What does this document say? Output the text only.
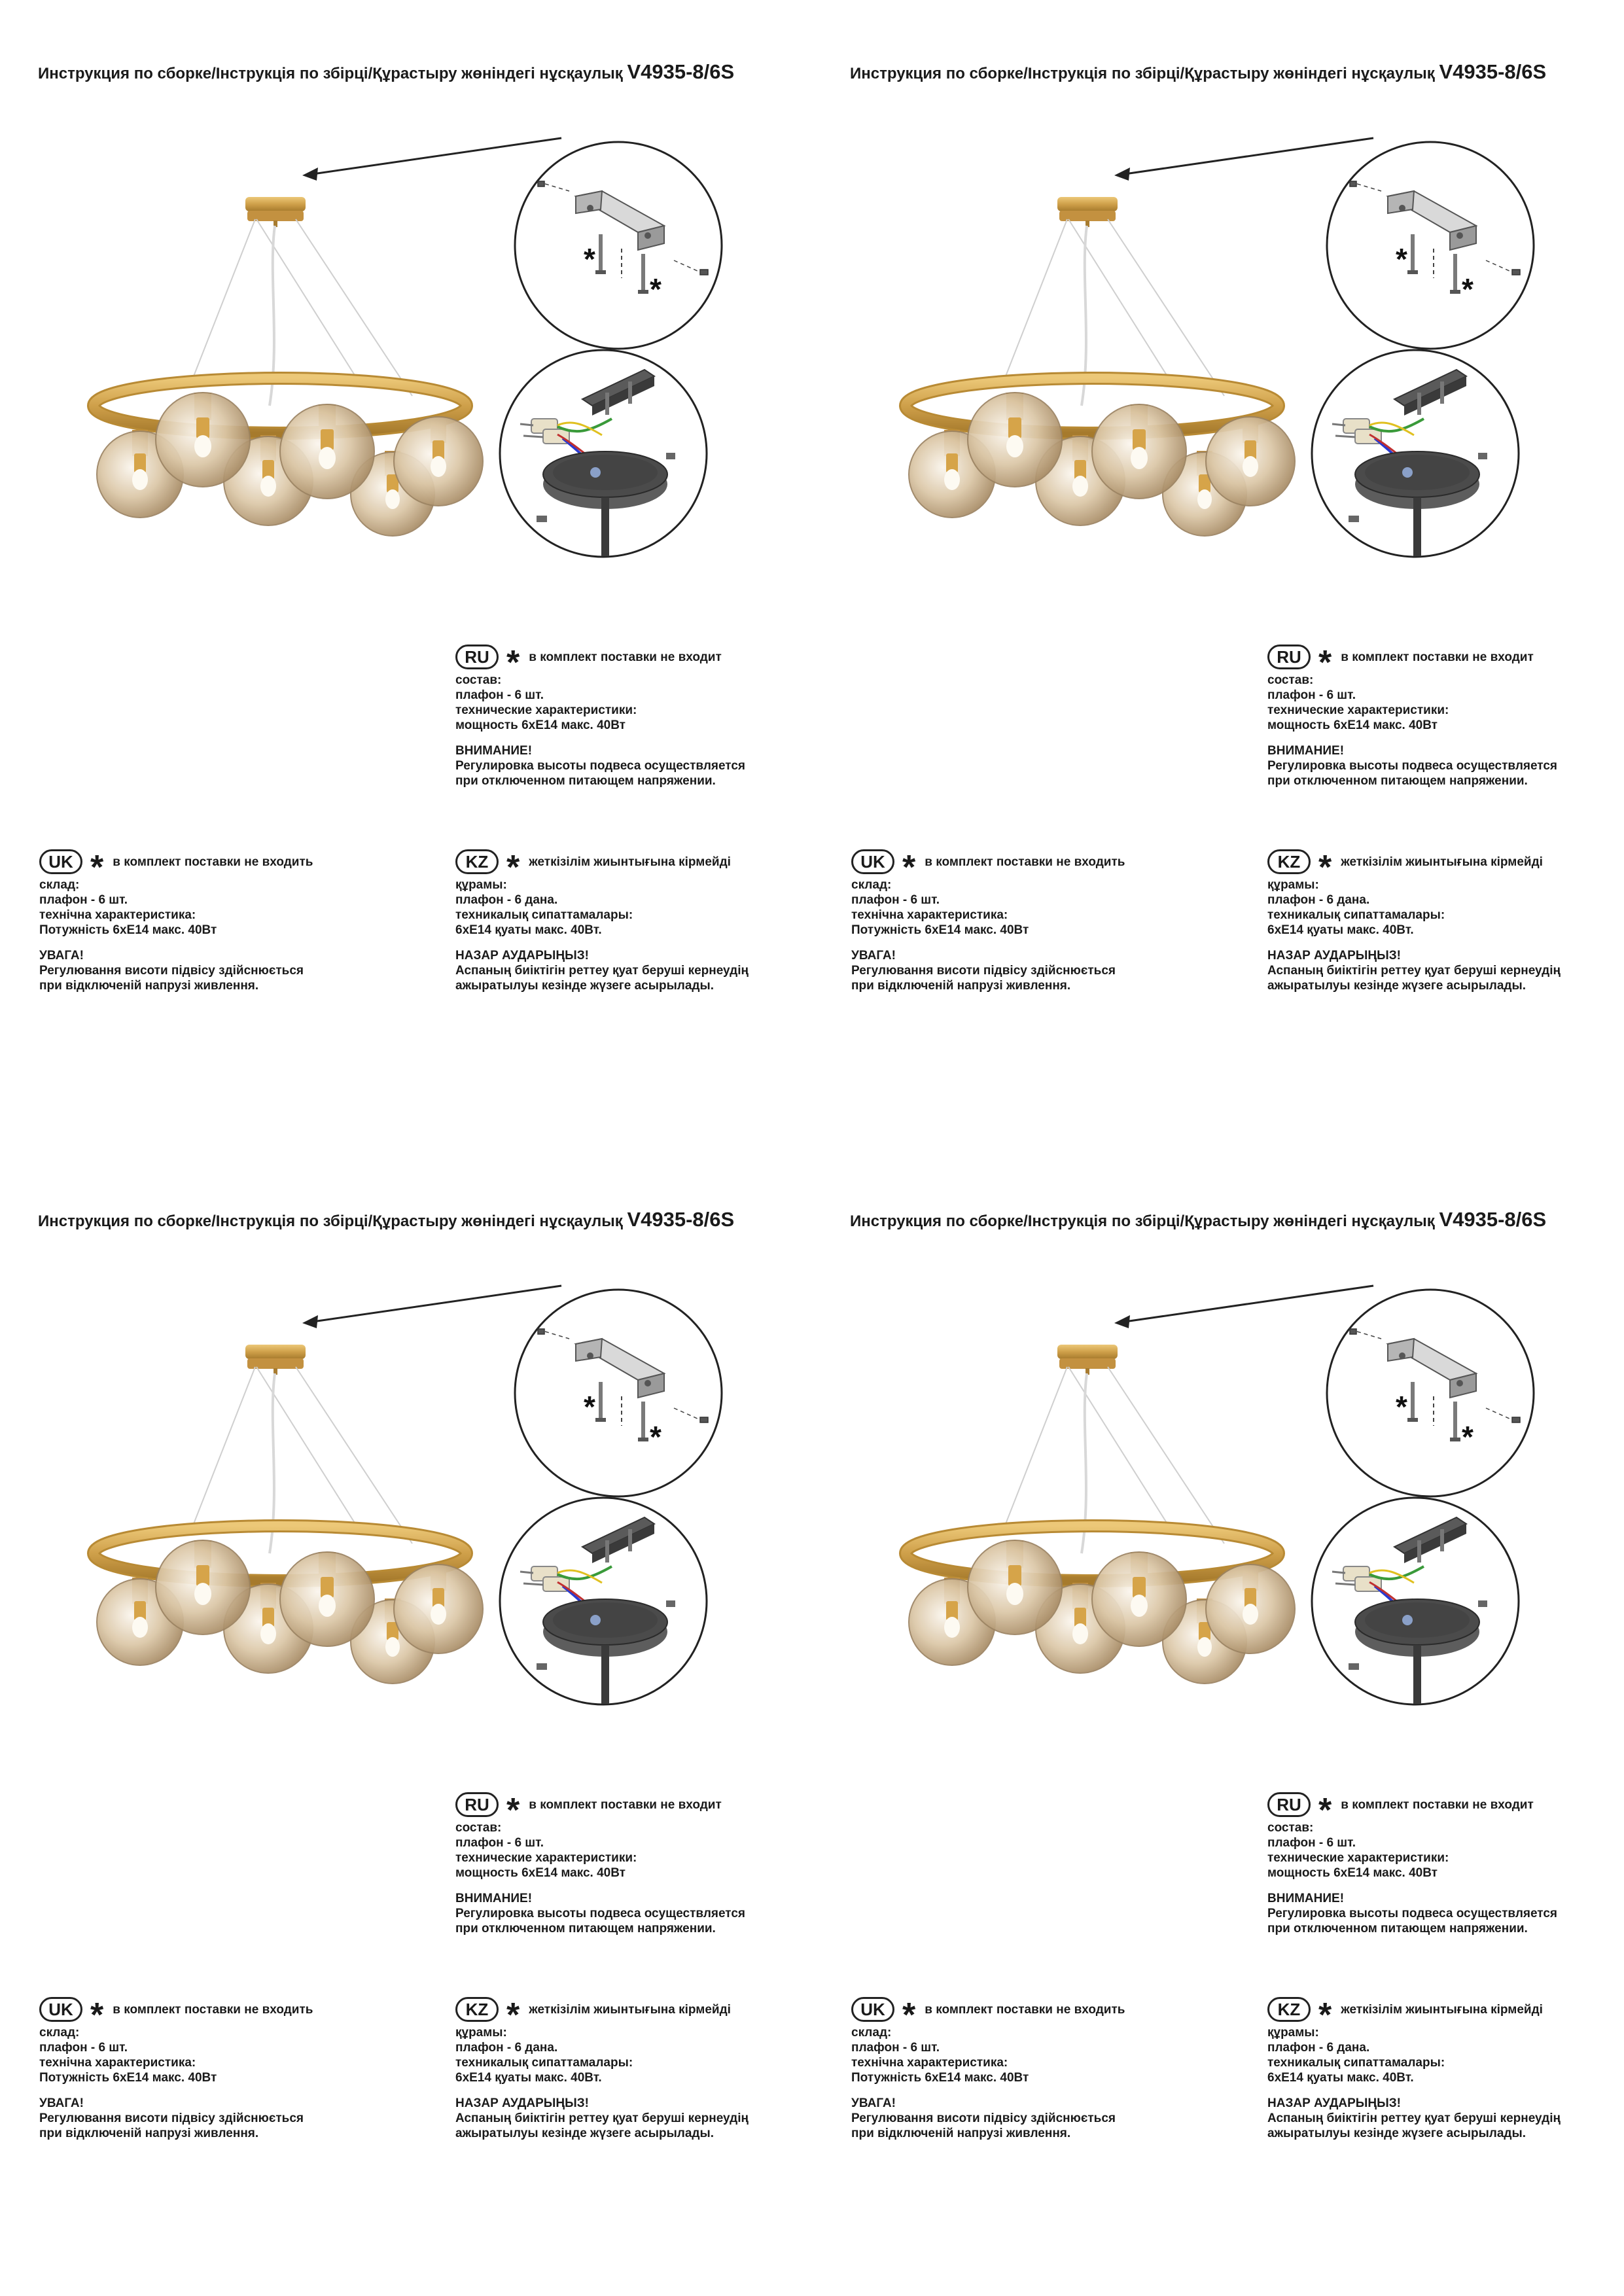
Инструкция по сборке/Інструкція по збірці/Құрастыру жөніндегі нұсқаулық V4935-8/6S
*
*
RU * в комплект поставки не входит

состав:

плафон - 6 шт.

технические характеристики:

мощность 6хЕ14 макс. 40Вт

ВНИМАНИЕ!

Регулировка высоты подвеса осуществляется

при отключенном питающем напряжении.

UK * в комплект поставки не входить

склад:

плафон - 6 шт.

технічна характеристика:

Потужність 6хЕ14 макс. 40Вт

УВАГА!

Регулювання висоти підвісу здійснюється

при відключеній напрузі живлення.

KZ * жеткізілім жиынтығына кірмейді

құрамы:

плафон - 6 дана.

техникалық сипаттамалары:

6хЕ14 қуаты макс. 40Вт.

НАЗАР АУДАРЫҢЫЗ!

Аспаның биіктігін реттеу қуат беруші кернеудің

ажыратылуы кезінде жүзеге асырылады.

Инструкция по сборке/Інструкція по збірці/Құрастыру жөніндегі нұсқаулық V4935-8/6S
*
*
RU * в комплект поставки не входит

состав:

плафон - 6 шт.

технические характеристики:

мощность 6хЕ14 макс. 40Вт

ВНИМАНИЕ!

Регулировка высоты подвеса осуществляется

при отключенном питающем напряжении.

UK * в комплект поставки не входить

склад:

плафон - 6 шт.

технічна характеристика:

Потужність 6хЕ14 макс. 40Вт

УВАГА!

Регулювання висоти підвісу здійснюється

при відключеній напрузі живлення.

KZ * жеткізілім жиынтығына кірмейді

құрамы:

плафон - 6 дана.

техникалық сипаттамалары:

6хЕ14 қуаты макс. 40Вт.

НАЗАР АУДАРЫҢЫЗ!

Аспаның биіктігін реттеу қуат беруші кернеудің

ажыратылуы кезінде жүзеге асырылады.

Инструкция по сборке/Інструкція по збірці/Құрастыру жөніндегі нұсқаулық V4935-8/6S
*
*
RU * в комплект поставки не входит

состав:

плафон - 6 шт.

технические характеристики:

мощность 6хЕ14 макс. 40Вт

ВНИМАНИЕ!

Регулировка высоты подвеса осуществляется

при отключенном питающем напряжении.

UK * в комплект поставки не входить

склад:

плафон - 6 шт.

технічна характеристика:

Потужність 6хЕ14 макс. 40Вт

УВАГА!

Регулювання висоти підвісу здійснюється

при відключеній напрузі живлення.

KZ * жеткізілім жиынтығына кірмейді

құрамы:

плафон - 6 дана.

техникалық сипаттамалары:

6хЕ14 қуаты макс. 40Вт.

НАЗАР АУДАРЫҢЫЗ!

Аспаның биіктігін реттеу қуат беруші кернеудің

ажыратылуы кезінде жүзеге асырылады.

Инструкция по сборке/Інструкція по збірці/Құрастыру жөніндегі нұсқаулық V4935-8/6S
*
*
RU * в комплект поставки не входит

состав:

плафон - 6 шт.

технические характеристики:

мощность 6хЕ14 макс. 40Вт

ВНИМАНИЕ!

Регулировка высоты подвеса осуществляется

при отключенном питающем напряжении.

UK * в комплект поставки не входить

склад:

плафон - 6 шт.

технічна характеристика:

Потужність 6хЕ14 макс. 40Вт

УВАГА!

Регулювання висоти підвісу здійснюється

при відключеній напрузі живлення.

KZ * жеткізілім жиынтығына кірмейді

құрамы:

плафон - 6 дана.

техникалық сипаттамалары:

6хЕ14 қуаты макс. 40Вт.

НАЗАР АУДАРЫҢЫЗ!

Аспаның биіктігін реттеу қуат беруші кернеудің

ажыратылуы кезінде жүзеге асырылады.
